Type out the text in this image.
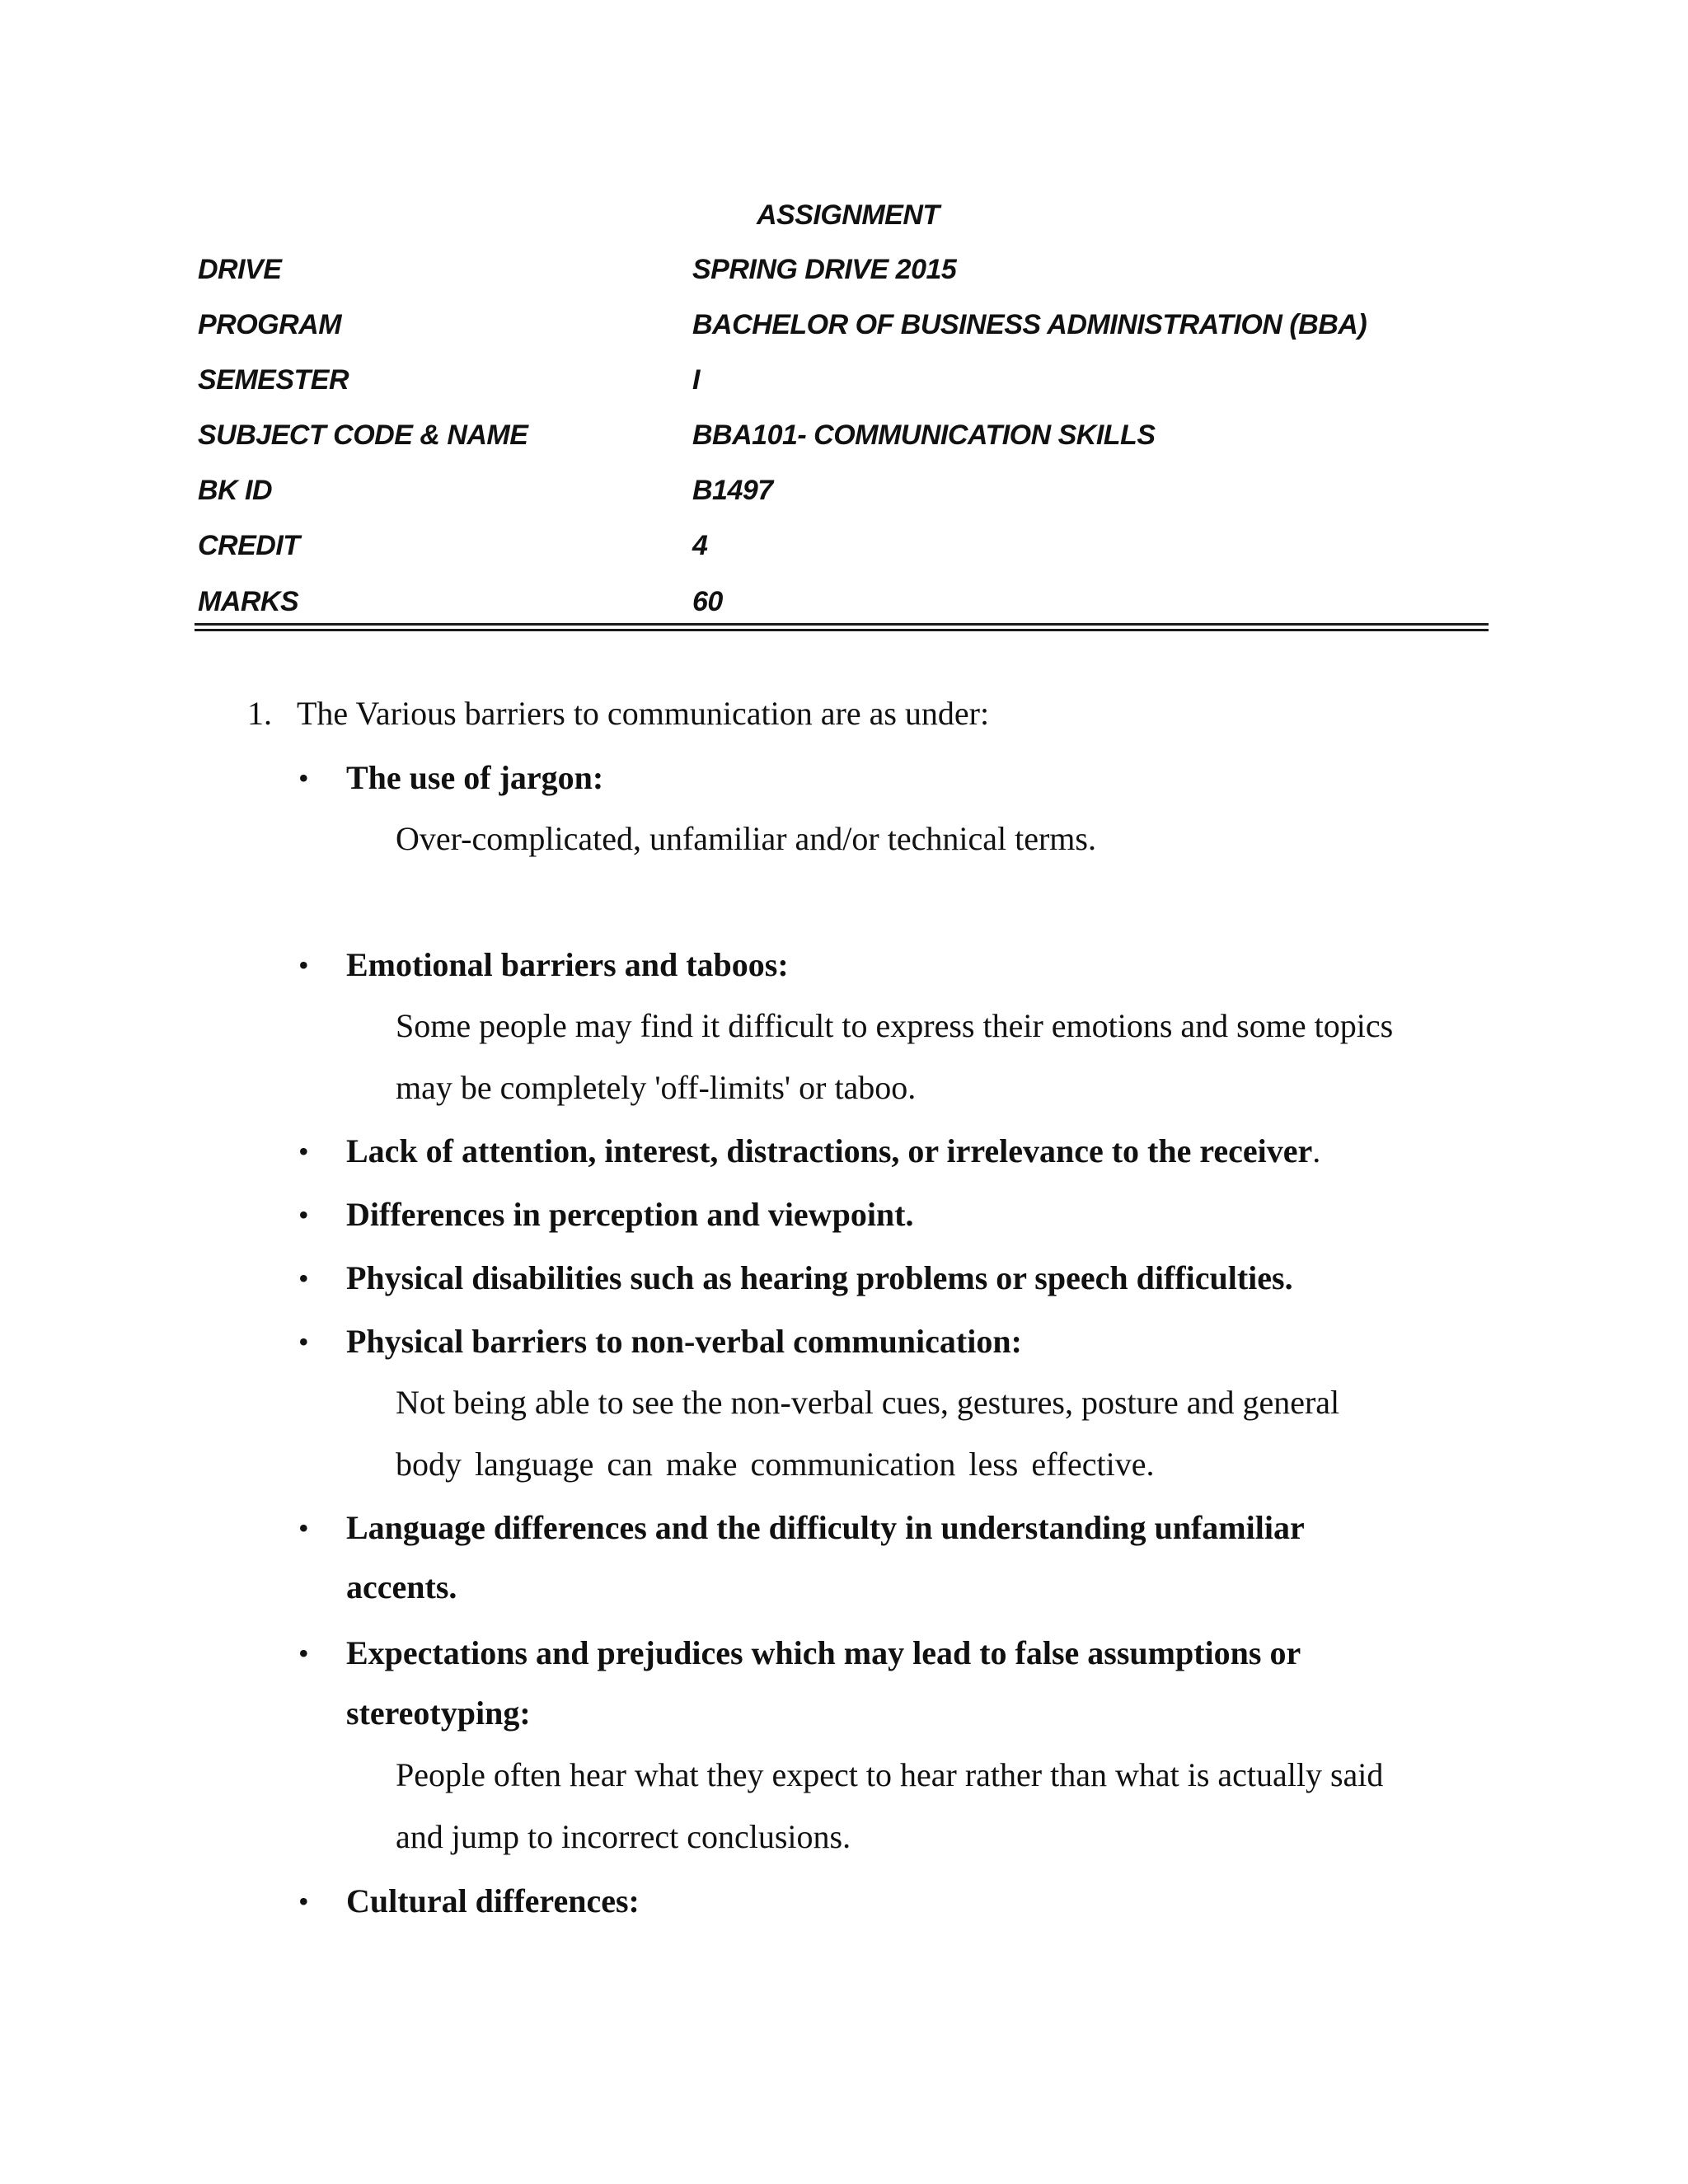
ASSIGNMENT
DRIVE	SPRING DRIVE 2015
PROGRAM	BACHELOR OF BUSINESS ADMINISTRATION (BBA)
SEMESTER	I
SUBJECT CODE & NAME	BBA101- COMMUNICATION SKILLS
BK ID	B1497
CREDIT	4
MARKS	60
1. The Various barriers to communication are as under:
• The use of jargon:
Over-complicated, unfamiliar and/or technical terms.
• Emotional barriers and taboos:
Some people may find it difficult to express their emotions and some topics
may be completely 'off-limits' or taboo.
• Lack of attention, interest, distractions, or irrelevance to the receiver.
• Differences in perception and viewpoint.
• Physical disabilities such as hearing problems or speech difficulties.
• Physical barriers to non-verbal communication:
Not being able to see the non-verbal cues, gestures, posture and general
body language can make communication less effective.
• Language differences and the difficulty in understanding unfamiliar
accents.
• Expectations and prejudices which may lead to false assumptions or
stereotyping:
People often hear what they expect to hear rather than what is actually said
and jump to incorrect conclusions.
• Cultural differences:
